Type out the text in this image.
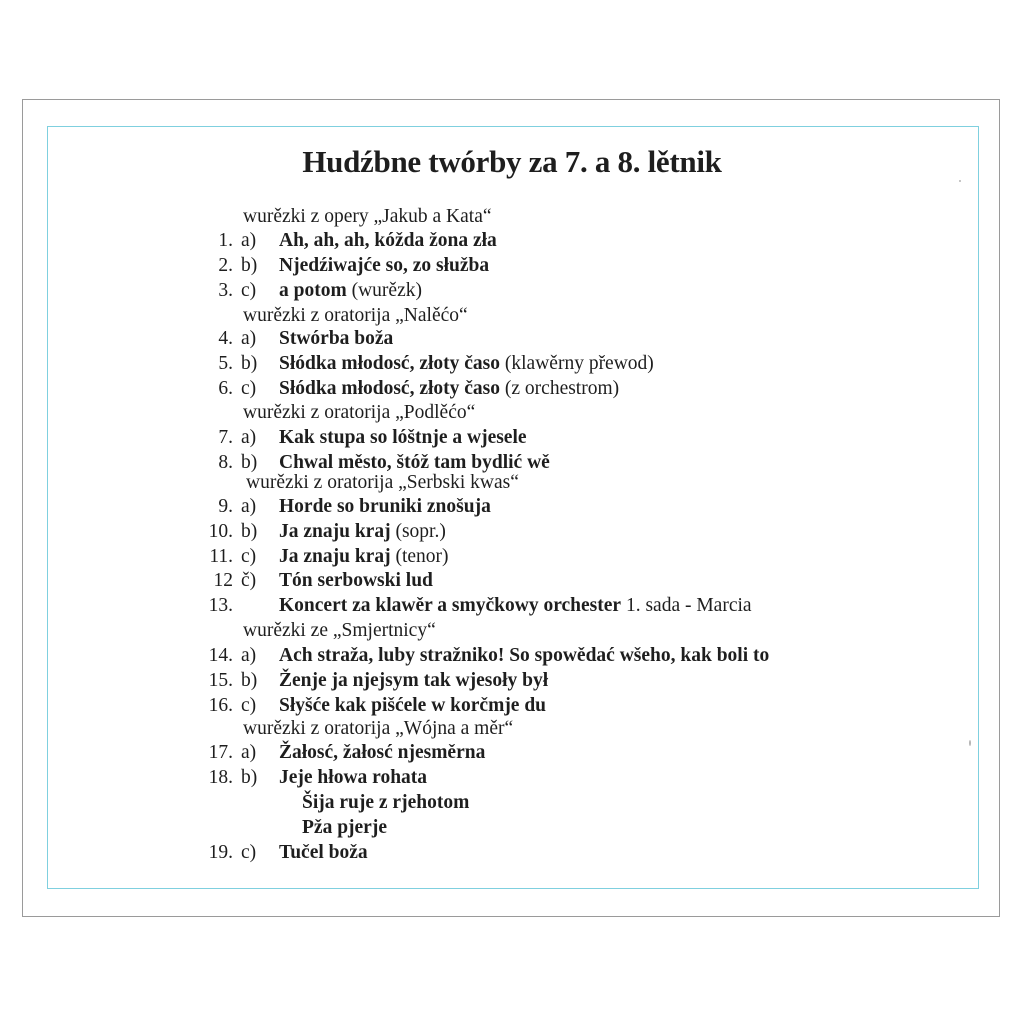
Hudźbne twórby za 7. a 8. lětnik
wurězki z opery „Jakub a Kata“
1. a) Ah, ah, ah, kóžda žona zła
2. b) Njedźiwajće so, zo słužba
3. c) a potom (wurězk)
wurězki z oratorija „Nalěćo“
4. a) Stwórba boža
5. b) Słódka młodosć, złoty časo (klawěrny přewod)
6. c) Słódka młodosć, złoty časo (z orchestrom)
wurězki z oratorija „Podlěćo“
7. a) Kak stupa so lóštnje a wjesele
8. b) Chwal město, štóž tam bydlić wě
wurězki z oratorija „Serbski kwas“
9. a) Horde so bruniki znošuja
10. b) Ja znaju kraj (sopr.)
11. c) Ja znaju kraj (tenor)
12 č) Tón serbowski lud
13. Koncert za klawěr a smyčkowy orchester 1. sada - Marcia
wurězki ze „Smjertnicy“
14. a) Ach straža, luby stražniko! So spowědać wšeho, kak boli to
15. b) Ženje ja njejsym tak wjesoły był
16. c) Słyšće kak pišćele w korčmje du
wurězki z oratorija „Wójna a měr“
17. a) Žałosć, žałosć njesměrna
18. b) Jeje hłowa rohata
Šija ruje z rjehotom
Pža pjerje
19. c) Tučel boža
